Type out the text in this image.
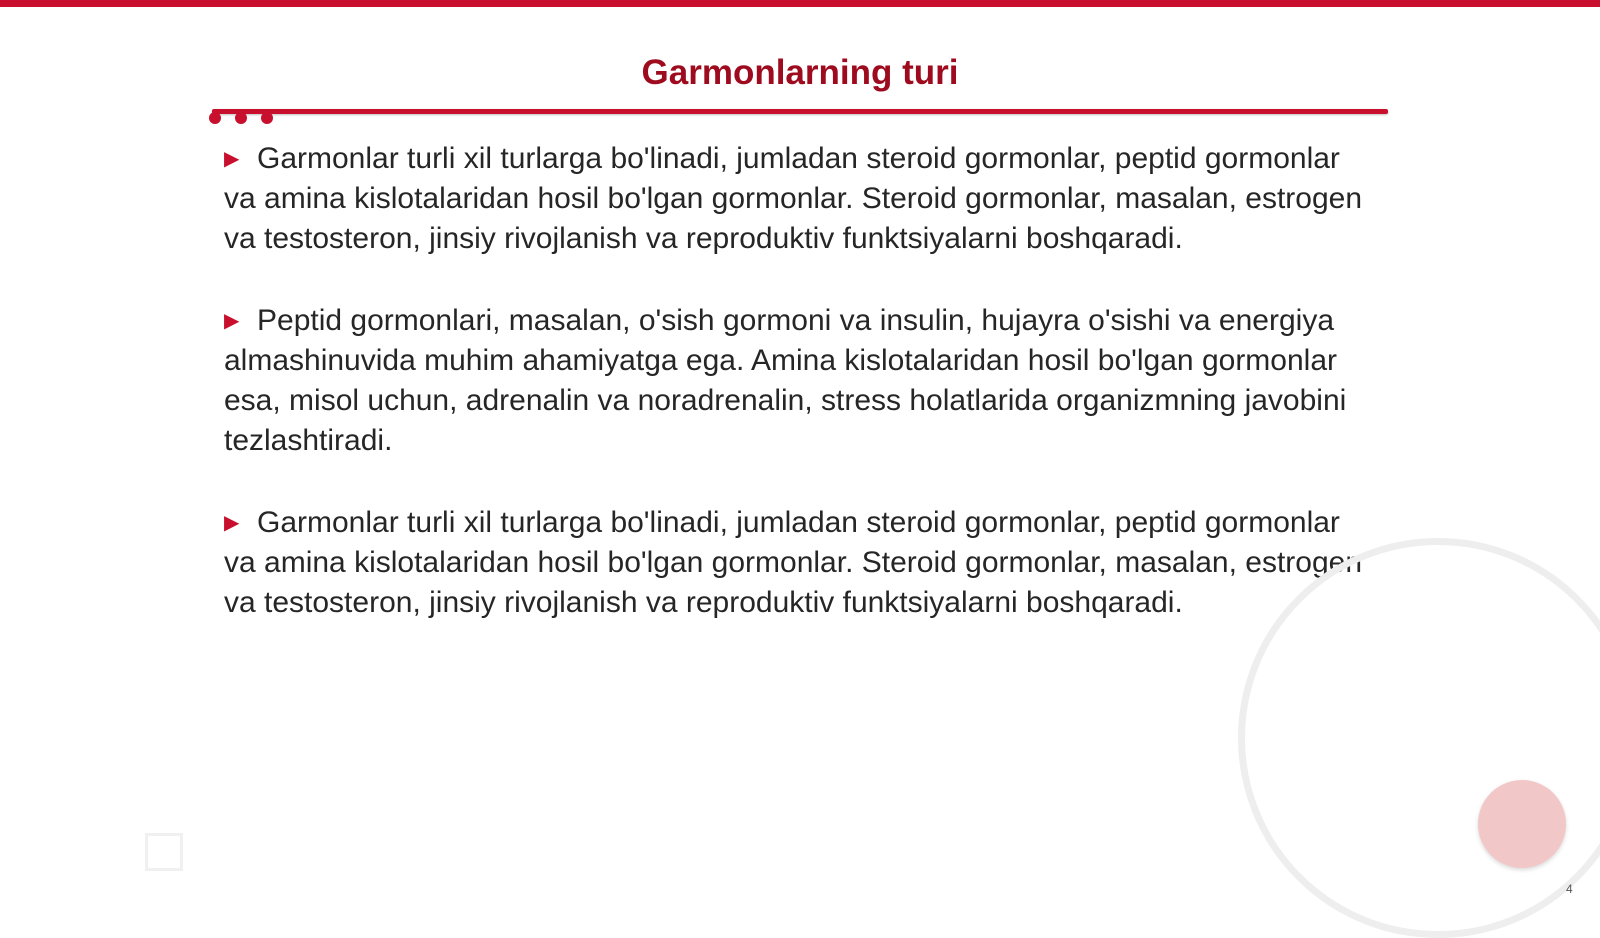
Garmonlarning turi

▶ Garmonlar turli xil turlarga bo'linadi, jumladan steroid gormonlar, peptid gormonlar va amina kislotalaridan hosil bo'lgan gormonlar. Steroid gormonlar, masalan, estrogen va testosteron, jinsiy rivojlanish va reproduktiv funktsiyalarni boshqaradi.

▶ Peptid gormonlari, masalan, o'sish gormoni va insulin, hujayra o'sishi va energiya almashinuvida muhim ahamiyatga ega. Amina kislotalaridan hosil bo'lgan gormonlar esa, misol uchun, adrenalin va noradrenalin, stress holatlarida organizmning javobini tezlashtiradi.

▶ Garmonlar turli xil turlarga bo'linadi, jumladan steroid gormonlar, peptid gormonlar va amina kislotalaridan hosil bo'lgan gormonlar. Steroid gormonlar, masalan, estrogen va testosteron, jinsiy rivojlanish va reproduktiv funktsiyalarni boshqaradi.

4
